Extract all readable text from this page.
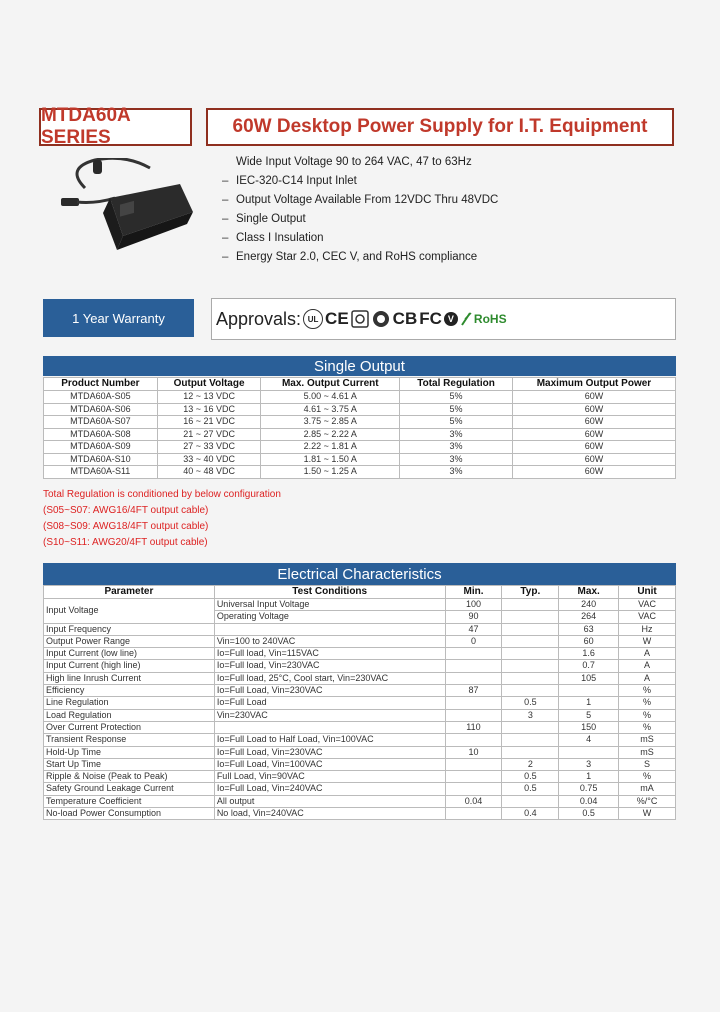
MTDA60A SERIES
60W Desktop Power Supply for I.T. Equipment
Wide Input Voltage 90 to 264 VAC, 47 to 63Hz
– IEC-320-C14 Input Inlet
– Output Voltage Available From 12VDC Thru 48VDC
– Single Output
– Class I Insulation
– Energy Star 2.0, CEC V, and RoHS compliance
1 Year Warranty	Approvals: UL CE	CB FC V	RoHS
Single Output
Product Number	Output Voltage	Max. Output Current	Total Regulation	Maximum Output Power
MTDA60A-S05	12 ~ 13 VDC	5.00 ~ 4.61 A	5%	60W
MTDA60A-S06	13 ~ 16 VDC	4.61 ~ 3.75 A	5%	60W
MTDA60A-S07	16 ~ 21 VDC	3.75 ~ 2.85 A	5%	60W
MTDA60A-S08	21 ~ 27 VDC	2.85 ~ 2.22 A	3%	60W
MTDA60A-S09	27 ~ 33 VDC	2.22 ~ 1.81 A	3%	60W
MTDA60A-S10	33 ~ 40 VDC	1.81 ~ 1.50 A	3%	60W
MTDA60A-S11	40 ~ 48 VDC	1.50 ~ 1.25 A	3%	60W
Total Regulation is conditioned by below configuration
(S05~S07: AWG16/4FT output cable)
(S08~S09: AWG18/4FT output cable)
(S10~S11: AWG20/4FT output cable)
Electrical Characteristics
Parameter	Test Conditions	Min.	Typ.	Max.	Unit
Input Voltage	Universal Input Voltage	100		240	VAC
	Operating Voltage	90		264	VAC
Input Frequency		47		63	Hz
Output Power Range	Vin=100 to 240VAC	0		60	W
Input Current (low line)	Io=Full load, Vin=115VAC			1.6	A
Input Current (high line)	Io=Full load, Vin=230VAC			0.7	A
High line Inrush Current	Io=Full load, 25°C, Cool start, Vin=230VAC			105	A
Efficiency	Io=Full Load, Vin=230VAC	87			%
Line Regulation	Io=Full Load		0.5	1	%
Load Regulation	Vin=230VAC		3	5	%
Over Current Protection		110		150	%
Transient Response	Io=Full Load to Half Load, Vin=100VAC			4	mS
Hold-Up Time	Io=Full Load, Vin=230VAC	10			mS
Start Up Time	Io=Full Load, Vin=100VAC		2	3	S
Ripple & Noise (Peak to Peak)	Full Load, Vin=90VAC		0.5	1	%
Safety Ground Leakage Current	Io=Full Load, Vin=240VAC		0.5	0.75	mA
Temperature Coefficient	All output	0.04		0.04	%/°C
No-load Power Consumption	No load, Vin=240VAC		0.4	0.5	W
